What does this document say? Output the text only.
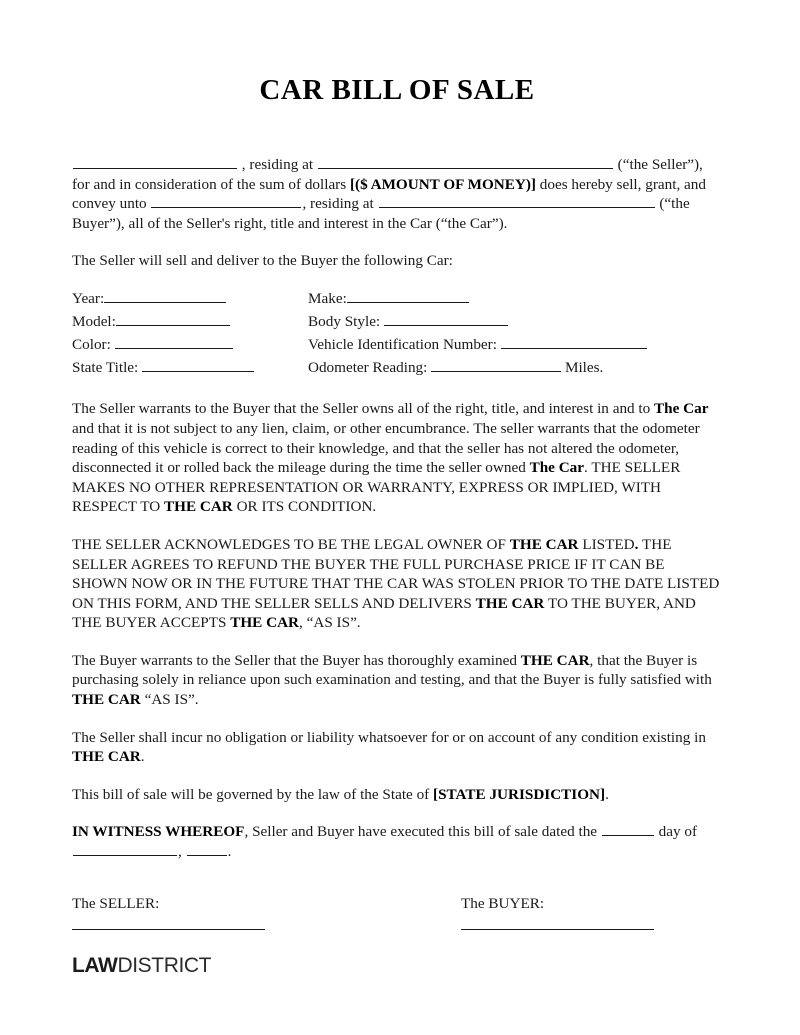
CAR BILL OF SALE

, residing at	(“the Seller”), for and in consideration of the sum of dollars [($ AMOUNT OF MONEY)] does hereby sell, grant, and convey unto	, residing at	(“the Buyer”), all of the Seller's right, title and interest in the Car (“the Car”).

The Seller will sell and deliver to the Buyer the following Car:

Year:	Make:
Model:	Body Style:
Color:	Vehicle Identification Number:
State Title:	Odometer Reading: Miles.

The Seller warrants to the Buyer that the Seller owns all of the right, title, and interest in and to The Car and that it is not subject to any lien, claim, or other encumbrance. The seller warrants that the odometer reading of this vehicle is correct to their knowledge, and that the seller has not altered the odometer, disconnected it or rolled back the mileage during the time the seller owned The Car. THE SELLER MAKES NO OTHER REPRESENTATION OR WARRANTY, EXPRESS OR IMPLIED, WITH RESPECT TO THE CAR OR ITS CONDITION.

THE SELLER ACKNOWLEDGES TO BE THE LEGAL OWNER OF THE CAR LISTED. THE SELLER AGREES TO REFUND THE BUYER THE FULL PURCHASE PRICE IF IT CAN BE SHOWN NOW OR IN THE FUTURE THAT THE CAR WAS STOLEN PRIOR TO THE DATE LISTED ON THIS FORM, AND THE SELLER SELLS AND DELIVERS THE CAR TO THE BUYER, AND THE BUYER ACCEPTS THE CAR, “AS IS”.

The Buyer warrants to the Seller that the Buyer has thoroughly examined THE CAR, that the Buyer is purchasing solely in reliance upon such examination and testing, and that the Buyer is fully satisfied with THE CAR “AS IS”.

The Seller shall incur no obligation or liability whatsoever for or on account of any condition existing in THE CAR.

This bill of sale will be governed by the law of the State of [STATE JURISDICTION].

IN WITNESS WHEREOF, Seller and Buyer have executed this bill of sale dated the	day of ,	.

The SELLER:	The BUYER:
LAWDISTRICT
